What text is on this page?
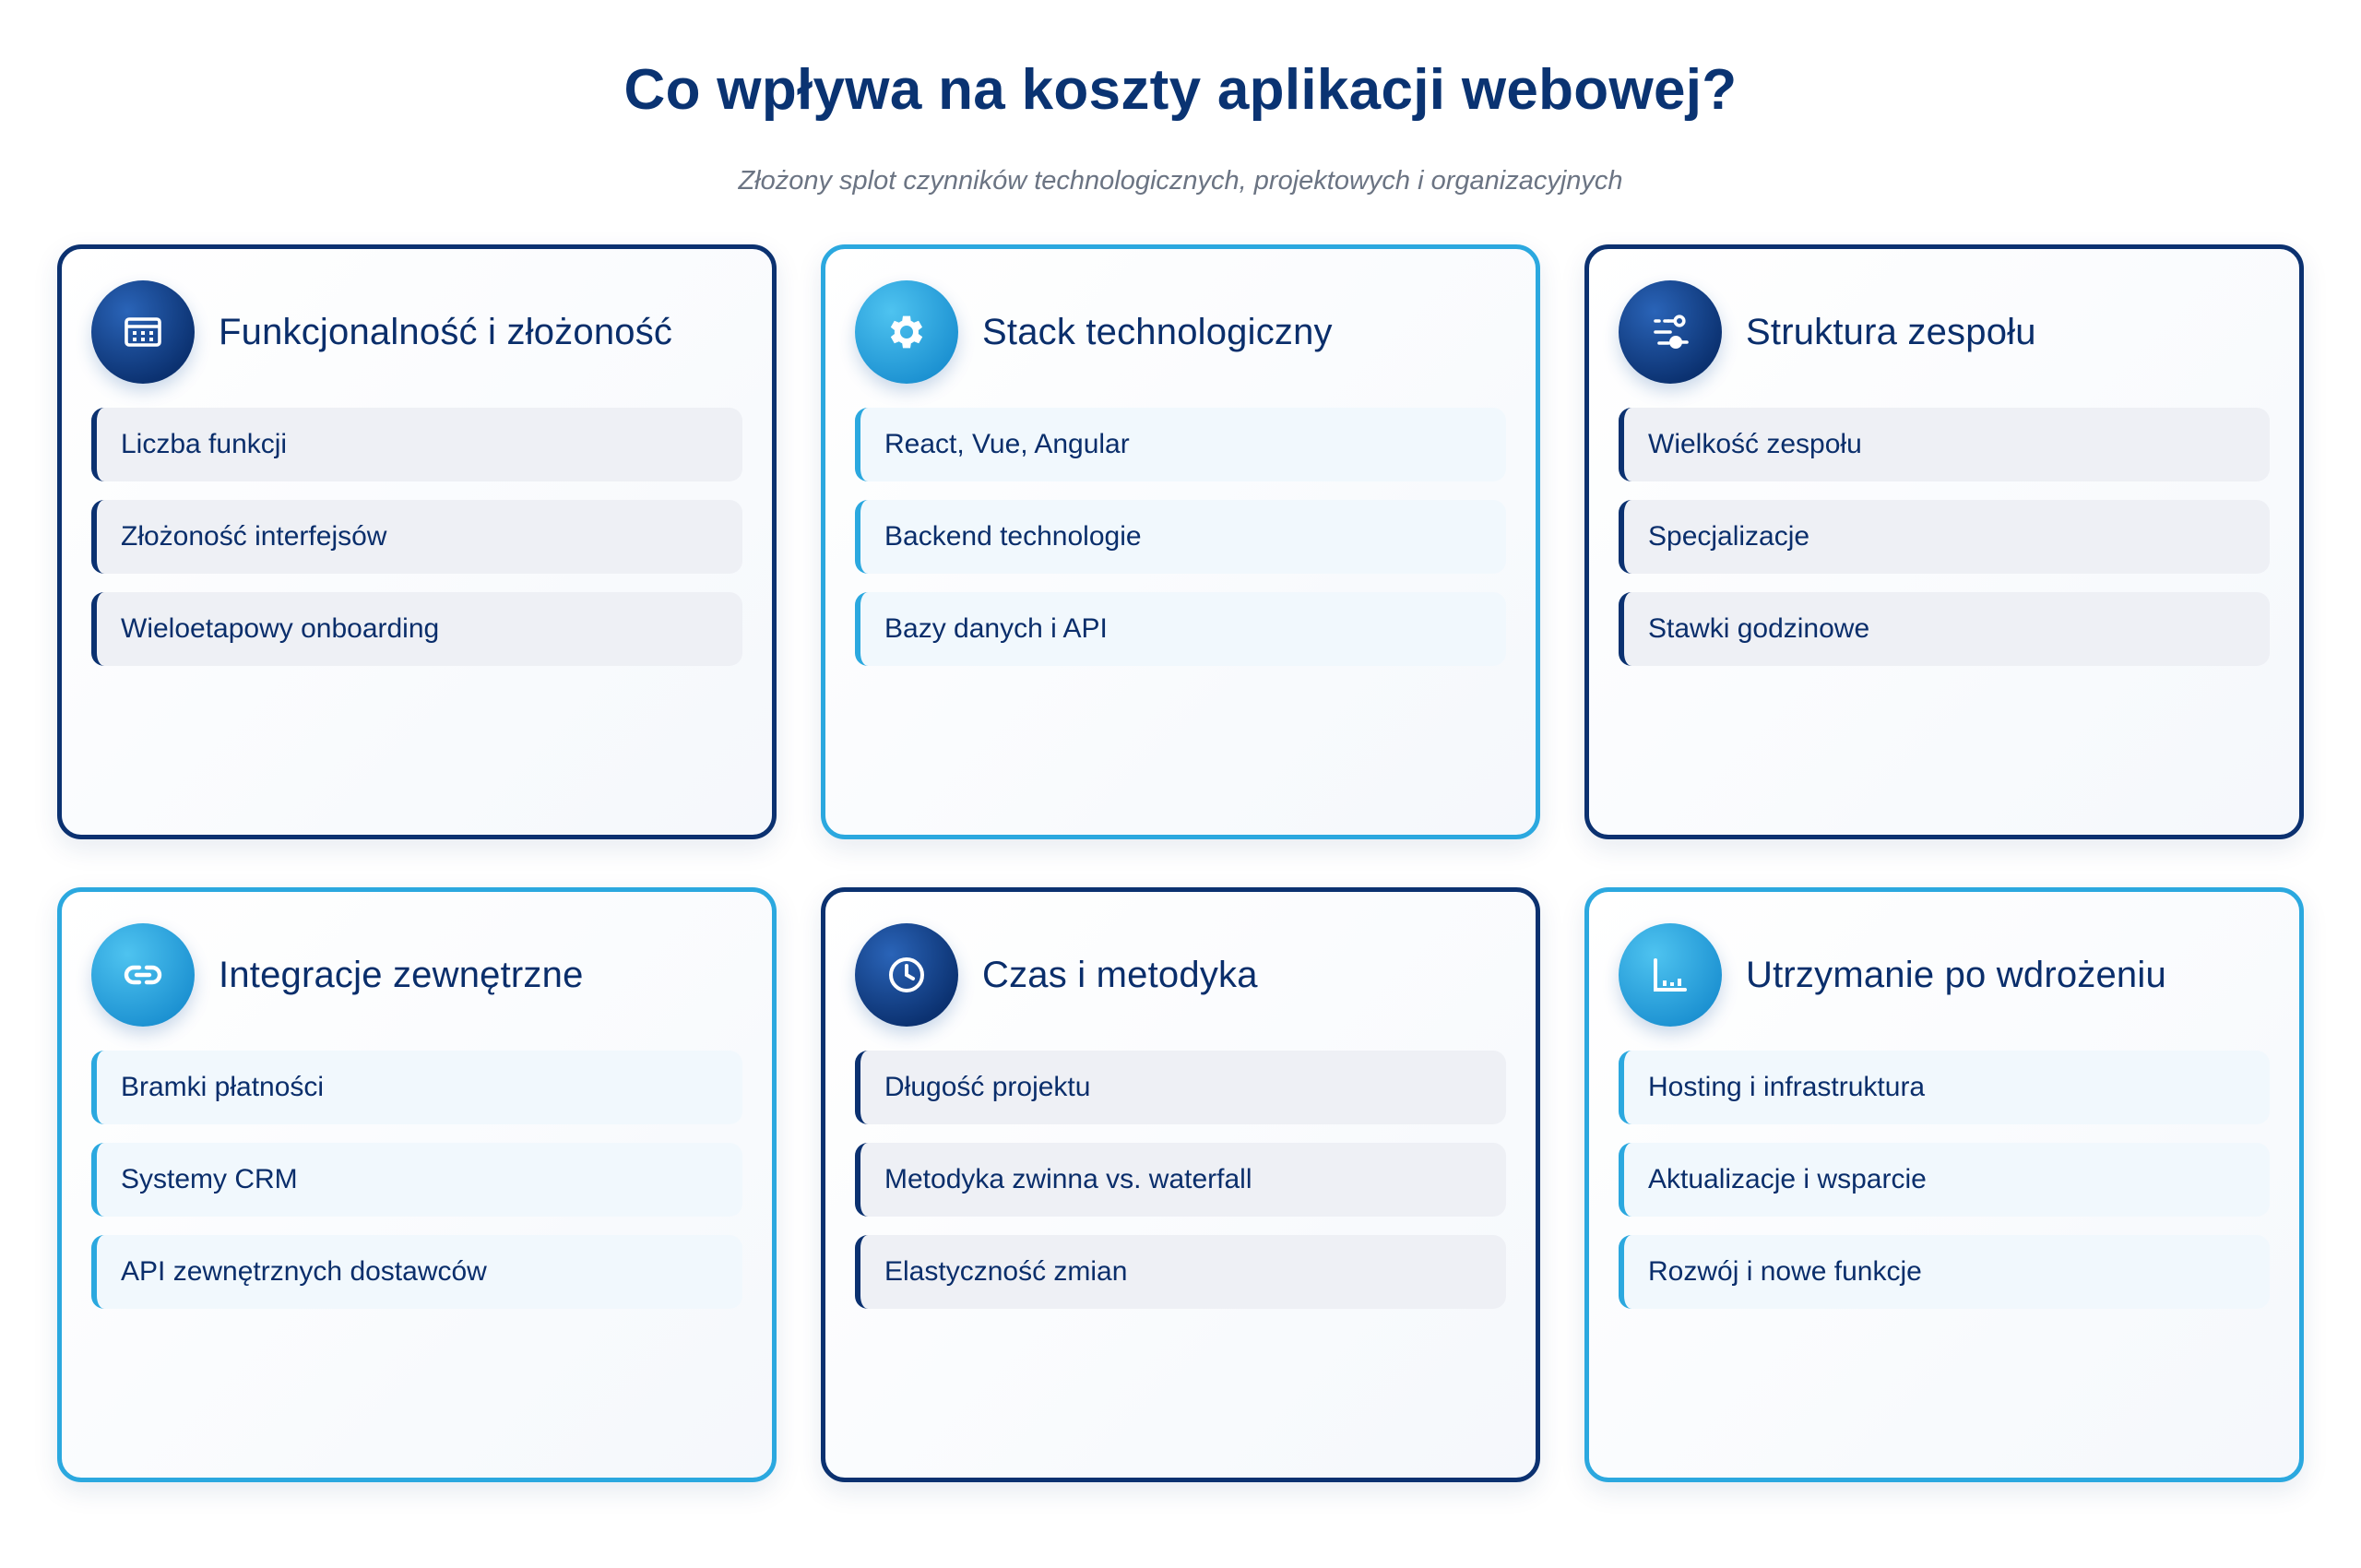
Co wpływa na koszty aplikacji webowej?
Złożony splot czynników technologicznych, projektowych i organizacyjnych
Funkcjonalność i złożoność
Liczba funkcji
Złożoność interfejsów
Wieloetapowy onboarding
Stack technologiczny
React, Vue, Angular
Backend technologie
Bazy danych i API
Struktura zespołu
Wielkość zespołu
Specjalizacje
Stawki godzinowe
Integracje zewnętrzne
Bramki płatności
Systemy CRM
API zewnętrznych dostawców
Czas i metodyka
Długość projektu
Metodyka zwinna vs. waterfall
Elastyczność zmian
Utrzymanie po wdrożeniu
Hosting i infrastruktura
Aktualizacje i wsparcie
Rozwój i nowe funkcje
